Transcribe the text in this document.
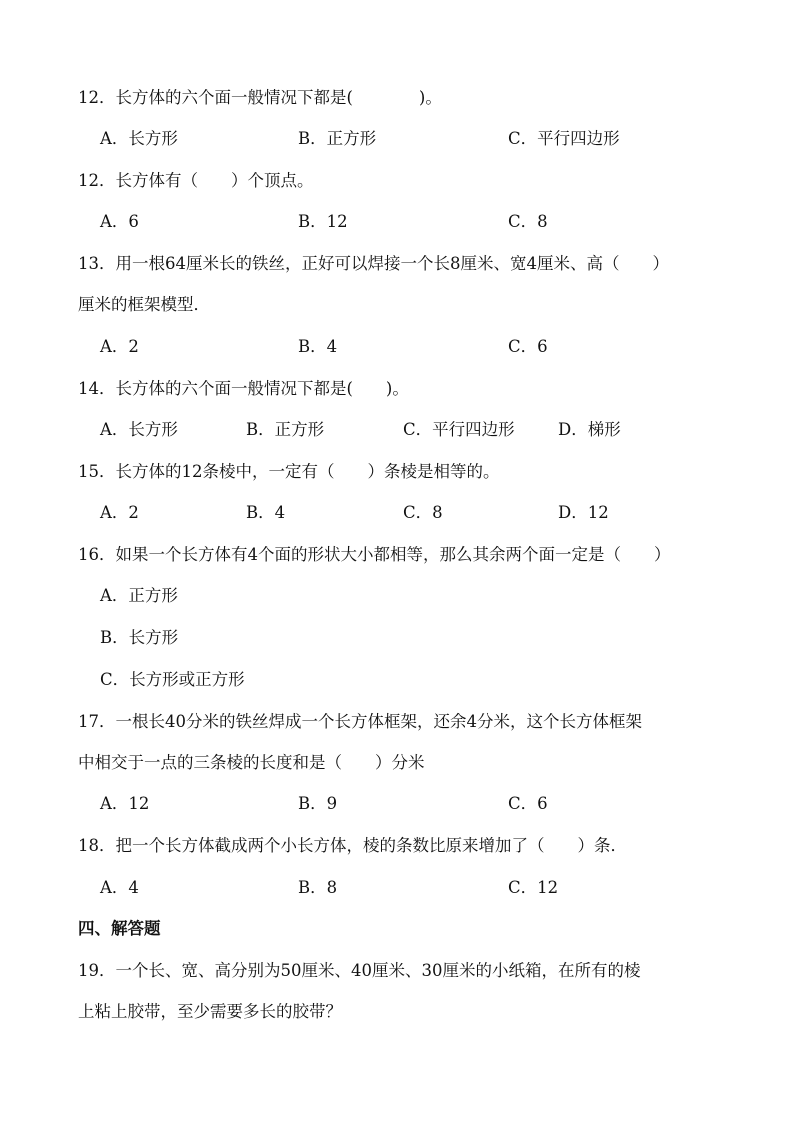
12．长方体的六个面一般情况下都是(　　　　)。
A．长方形	B．正方形	C．平行四边形
12．长方体有（　　）个顶点。
A．6	B．12	C．8
13．用一根64厘米长的铁丝，正好可以焊接一个长8厘米、宽4厘米、高（　　）
厘米的框架模型．
A．2	B．4	C．6
14．长方体的六个面一般情况下都是(　　)。
A．长方形	B．正方形	C．平行四边形	D．梯形
15．长方体的12条棱中，一定有（　　）条棱是相等的。
A．2	B．4	C．8	D．12
16．如果一个长方体有4个面的形状大小都相等，那么其余两个面一定是（　　）
A．正方形
B．长方形
C．长方形或正方形
17．一根长40分米的铁丝焊成一个长方体框架，还余4分米，这个长方体框架
中相交于一点的三条棱的长度和是（　　）分米
A．12	B．9	C．6
18．把一个长方体截成两个小长方体，棱的条数比原来增加了（　　）条．
A．4	B．8	C．12
四、解答题
19．一个长、宽、高分别为50厘米、40厘米、30厘米的小纸箱，在所有的棱
上粘上胶带，至少需要多长的胶带？
